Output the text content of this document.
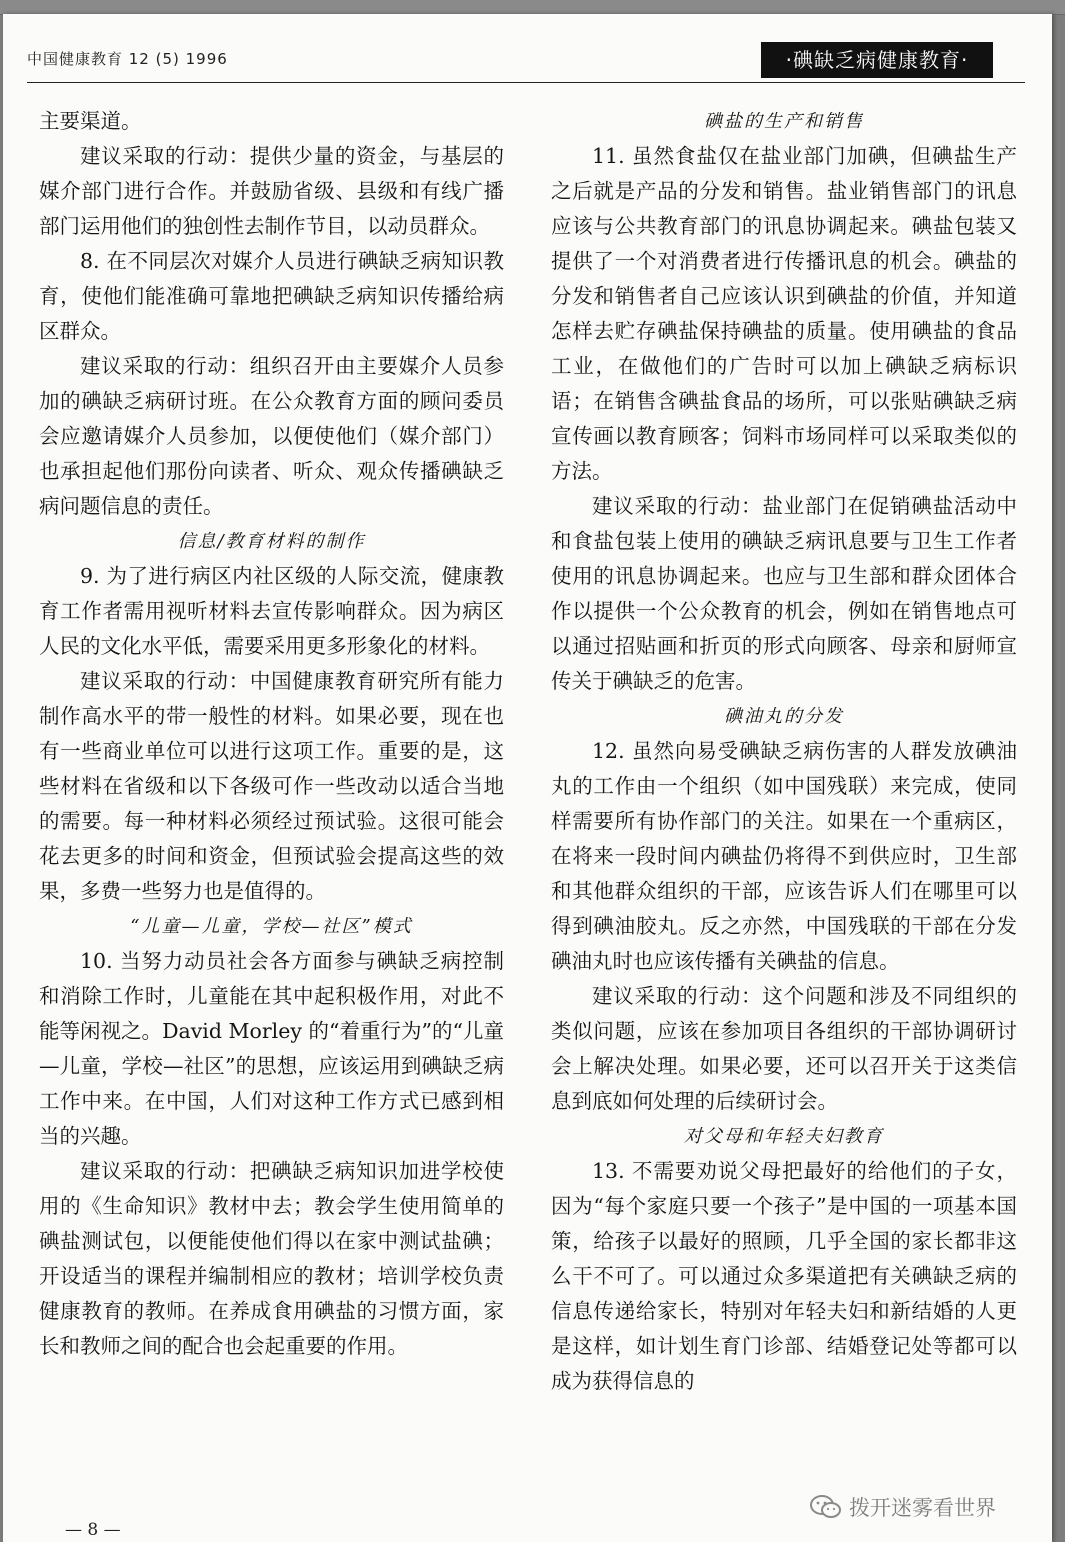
中国健康教育 12 (5) 1996	·碘缺乏病健康教育·

主要渠道。

建议采取的行动：提供少量的资金，与基层的媒介部门进行合作。并鼓励省级、县级和有线广播部门运用他们的独创性去制作节目，以动员群众。

8. 在不同层次对媒介人员进行碘缺乏病知识教育，使他们能准确可靠地把碘缺乏病知识传播给病区群众。

建议采取的行动：组织召开由主要媒介人员参加的碘缺乏病研讨班。在公众教育方面的顾问委员会应邀请媒介人员参加，以便使他们（媒介部门）也承担起他们那份向读者、听众、观众传播碘缺乏病问题信息的责任。

信息/教育材料的制作

9. 为了进行病区内社区级的人际交流，健康教育工作者需用视听材料去宣传影响群众。因为病区人民的文化水平低，需要采用更多形象化的材料。

建议采取的行动：中国健康教育研究所有能力制作高水平的带一般性的材料。如果必要，现在也有一些商业单位可以进行这项工作。重要的是，这些材料在省级和以下各级可作一些改动以适合当地的需要。每一种材料必须经过预试验。这很可能会花去更多的时间和资金，但预试验会提高这些的效果，多费一些努力也是值得的。

“儿童—儿童，学校—社区”模式

10. 当努力动员社会各方面参与碘缺乏病控制和消除工作时，儿童能在其中起积极作用，对此不能等闲视之。David Morley 的“着重行为”的“儿童—儿童，学校—社区”的思想，应该运用到碘缺乏病工作中来。在中国，人们对这种工作方式已感到相当的兴趣。

建议采取的行动：把碘缺乏病知识加进学校使用的《生命知识》教材中去；教会学生使用简单的碘盐测试包，以便能使他们得以在家中测试盐碘；开设适当的课程并编制相应的教材；培训学校负责健康教育的教师。在养成食用碘盐的习惯方面，家长和教师之间的配合也会起重要的作用。

碘盐的生产和销售

11. 虽然食盐仅在盐业部门加碘，但碘盐生产之后就是产品的分发和销售。盐业销售部门的讯息应该与公共教育部门的讯息协调起来。碘盐包装又提供了一个对消费者进行传播讯息的机会。碘盐的分发和销售者自己应该认识到碘盐的价值，并知道怎样去贮存碘盐保持碘盐的质量。使用碘盐的食品工业，在做他们的广告时可以加上碘缺乏病标识语；在销售含碘盐食品的场所，可以张贴碘缺乏病宣传画以教育顾客；饲料市场同样可以采取类似的方法。

建议采取的行动：盐业部门在促销碘盐活动中和食盐包装上使用的碘缺乏病讯息要与卫生工作者使用的讯息协调起来。也应与卫生部和群众团体合作以提供一个公众教育的机会，例如在销售地点可以通过招贴画和折页的形式向顾客、母亲和厨师宣传关于碘缺乏的危害。

碘油丸的分发

12. 虽然向易受碘缺乏病伤害的人群发放碘油丸的工作由一个组织（如中国残联）来完成，使同样需要所有协作部门的关注。如果在一个重病区，在将来一段时间内碘盐仍将得不到供应时，卫生部和其他群众组织的干部，应该告诉人们在哪里可以得到碘油胶丸。反之亦然，中国残联的干部在分发碘油丸时也应该传播有关碘盐的信息。

建议采取的行动：这个问题和涉及不同组织的类似问题，应该在参加项目各组织的干部协调研讨会上解决处理。如果必要，还可以召开关于这类信息到底如何处理的后续研讨会。

对父母和年轻夫妇教育

13. 不需要劝说父母把最好的给他们的子女，因为“每个家庭只要一个孩子”是中国的一项基本国策，给孩子以最好的照顾，几乎全国的家长都非这么干不可了。可以通过众多渠道把有关碘缺乏病的信息传递给家长，特别对年轻夫妇和新结婚的人更是这样，如计划生育门诊部、结婚登记处等都可以成为获得信息的

— 8 —
拨开迷雾看世界
